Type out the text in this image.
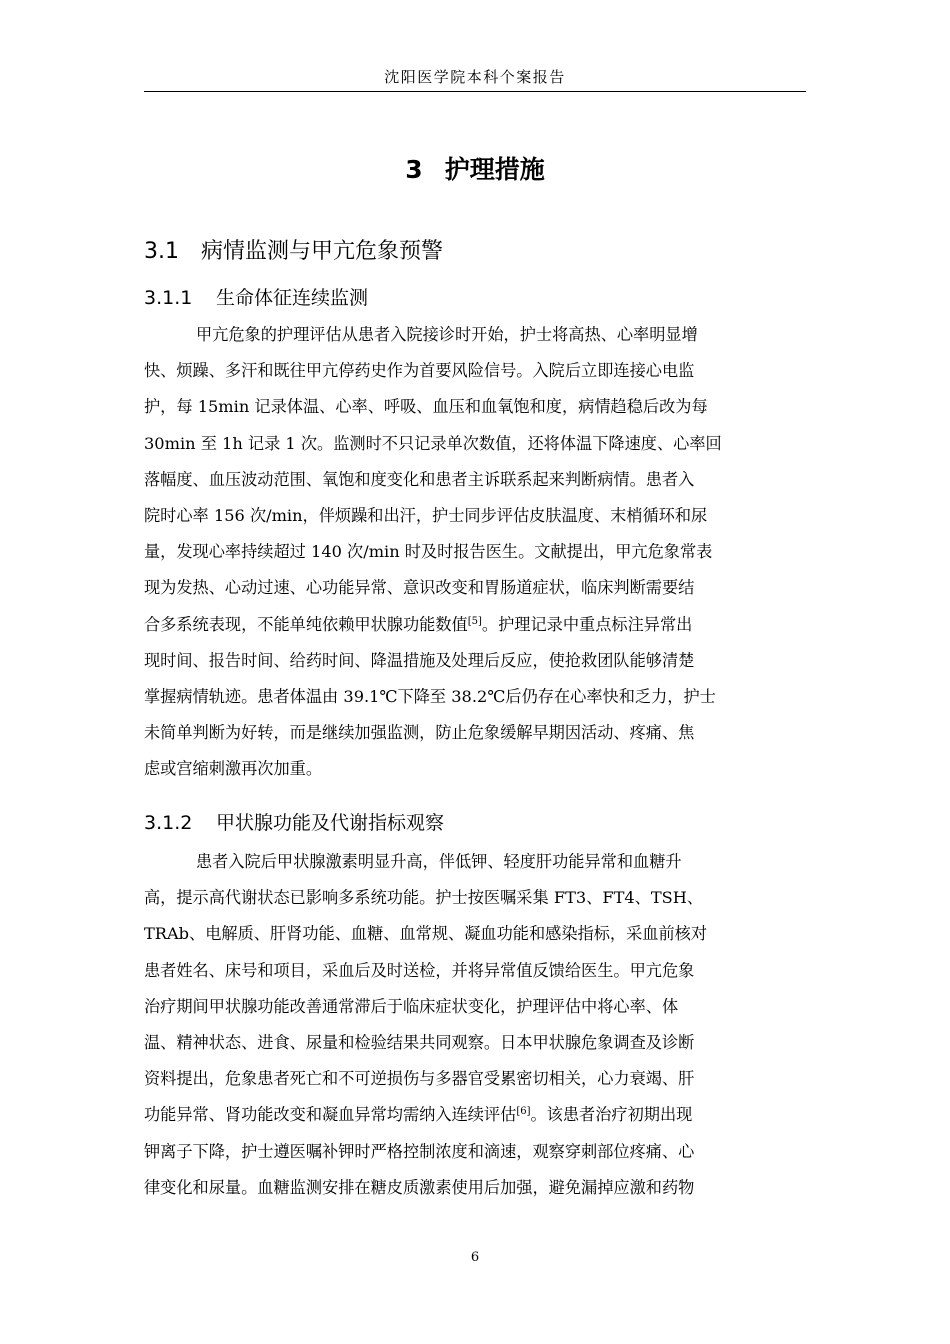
沈阳医学院本科个案报告
3 护理措施
3.1 病情监测与甲亢危象预警
3.1.1 生命体征连续监测
甲亢危象的护理评估从患者入院接诊时开始，护士将高热、心率明显增
快、烦躁、多汗和既往甲亢停药史作为首要风险信号。入院后立即连接心电监
护，每 15min 记录体温、心率、呼吸、血压和血氧饱和度，病情趋稳后改为每
30min 至 1h 记录 1 次。监测时不只记录单次数值，还将体温下降速度、心率回
落幅度、血压波动范围、氧饱和度变化和患者主诉联系起来判断病情。患者入
院时心率 156 次/min，伴烦躁和出汗，护士同步评估皮肤温度、末梢循环和尿
量，发现心率持续超过 140 次/min 时及时报告医生。文献提出，甲亢危象常表
现为发热、心动过速、心功能异常、意识改变和胃肠道症状，临床判断需要结
合多系统表现，不能单纯依赖甲状腺功能数值[5]。护理记录中重点标注异常出
现时间、报告时间、给药时间、降温措施及处理后反应，使抢救团队能够清楚
掌握病情轨迹。患者体温由 39.1℃下降至 38.2℃后仍存在心率快和乏力，护士
未简单判断为好转，而是继续加强监测，防止危象缓解早期因活动、疼痛、焦
虑或宫缩刺激再次加重。
3.1.2 甲状腺功能及代谢指标观察
患者入院后甲状腺激素明显升高，伴低钾、轻度肝功能异常和血糖升
高，提示高代谢状态已影响多系统功能。护士按医嘱采集 FT3、FT4、TSH、
TRAb、电解质、肝肾功能、血糖、血常规、凝血功能和感染指标，采血前核对
患者姓名、床号和项目，采血后及时送检，并将异常值反馈给医生。甲亢危象
治疗期间甲状腺功能改善通常滞后于临床症状变化，护理评估中将心率、体
温、精神状态、进食、尿量和检验结果共同观察。日本甲状腺危象调查及诊断
资料提出，危象患者死亡和不可逆损伤与多器官受累密切相关，心力衰竭、肝
功能异常、肾功能改变和凝血异常均需纳入连续评估[6]。该患者治疗初期出现
钾离子下降，护士遵医嘱补钾时严格控制浓度和滴速，观察穿刺部位疼痛、心
律变化和尿量。血糖监测安排在糖皮质激素使用后加强，避免漏掉应激和药物
6
